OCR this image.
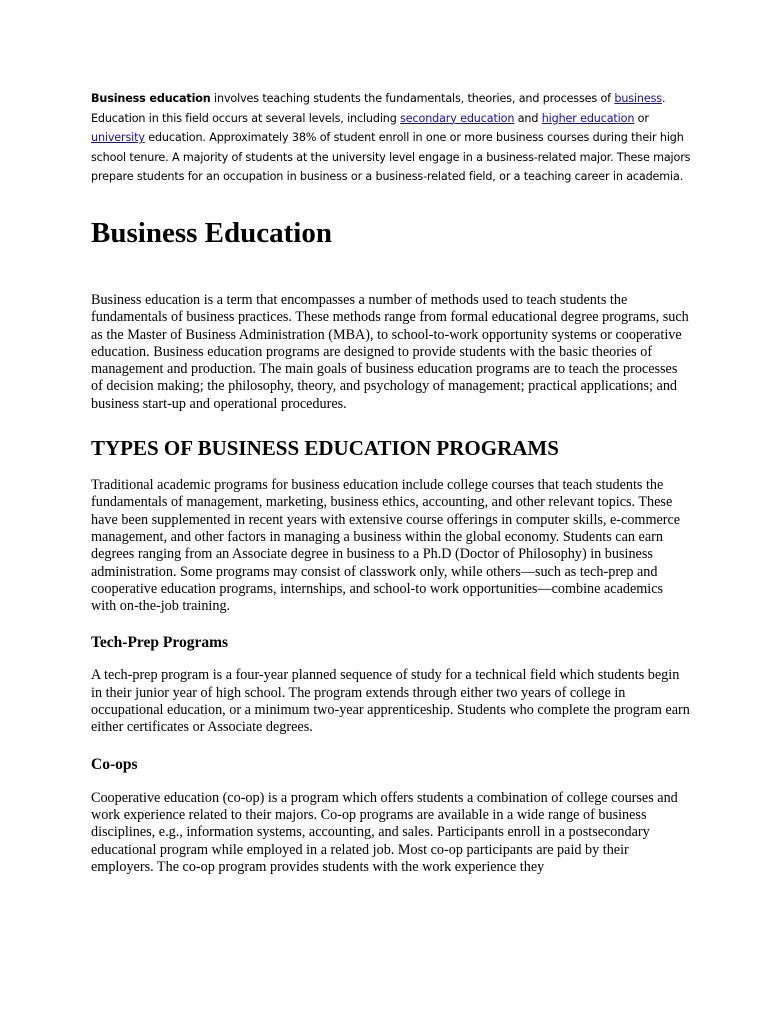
Business education involves teaching students the fundamentals, theories, and processes of business. Education in this field occurs at several levels, including secondary education and higher education or university education. Approximately 38% of student enroll in one or more business courses during their high school tenure. A majority of students at the university level engage in a business-related major. These majors prepare students for an occupation in business or a business-related field, or a teaching career in academia.

Business Education

Business education is a term that encompasses a number of methods used to teach students the fundamentals of business practices. These methods range from formal educational degree programs, such as the Master of Business Administration (MBA), to school-to-work opportunity systems or cooperative education. Business education programs are designed to provide students with the basic theories of management and production. The main goals of business education programs are to teach the processes of decision making; the philosophy, theory, and psychology of management; practical applications; and business start-up and operational procedures.

TYPES OF BUSINESS EDUCATION PROGRAMS

Traditional academic programs for business education include college courses that teach students the fundamentals of management, marketing, business ethics, accounting, and other relevant topics. These have been supplemented in recent years with extensive course offerings in computer skills, e-commerce management, and other factors in managing a business within the global economy. Students can earn degrees ranging from an Associate degree in business to a Ph.D (Doctor of Philosophy) in business administration. Some programs may consist of classwork only, while others—such as tech-prep and cooperative education programs, internships, and school-to work opportunities—combine academics with on-the-job training.

Tech-Prep Programs

A tech-prep program is a four-year planned sequence of study for a technical field which students begin in their junior year of high school. The program extends through either two years of college in occupational education, or a minimum two-year apprenticeship. Students who complete the program earn either certificates or Associate degrees.

Co-ops

Cooperative education (co-op) is a program which offers students a combination of college courses and work experience related to their majors. Co-op programs are available in a wide range of business disciplines, e.g., information systems, accounting, and sales. Participants enroll in a postsecondary educational program while employed in a related job. Most co-op participants are paid by their employers. The co-op program provides students with the work experience they
